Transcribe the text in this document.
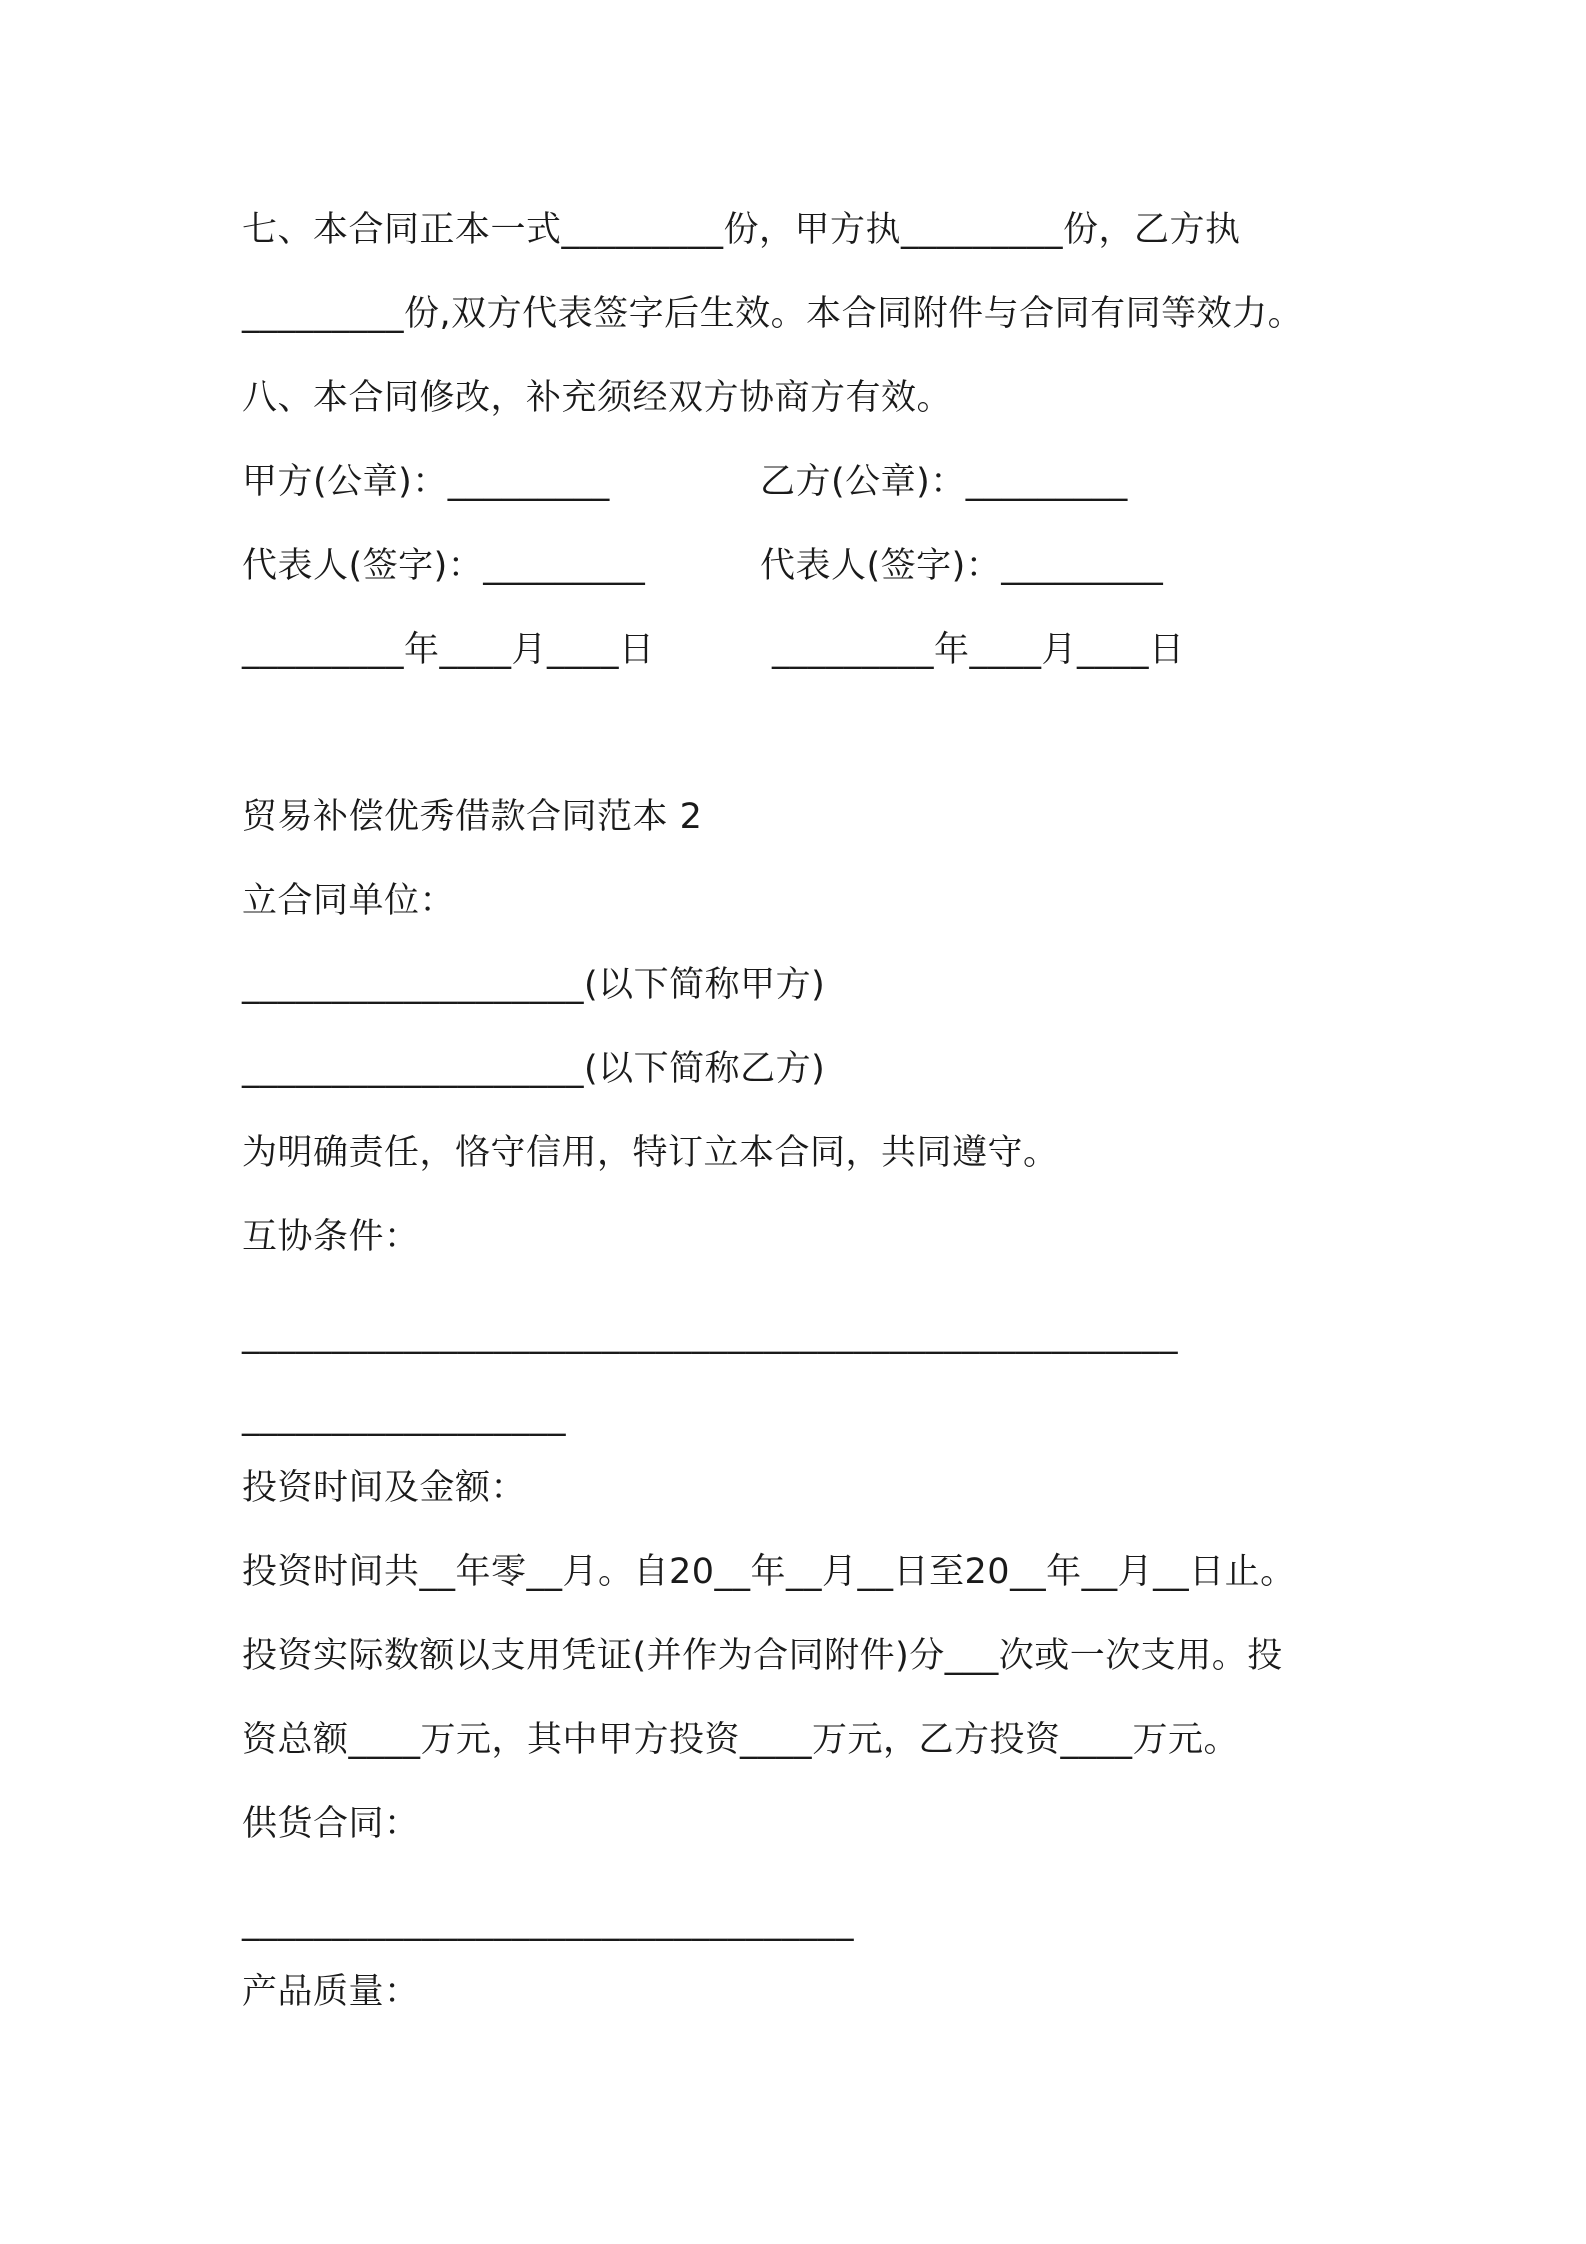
七、本合同正本一式_________份，甲方执_________份，乙方执
_________份,双方代表签字后生效。本合同附件与合同有同等效力。
八、本合同修改，补充须经双方协商方有效。
甲方(公章)：_________	乙方(公章)：_________
代表人(签字)：_________	代表人(签字)：_________
_________年____月____日	_________年____月____日
贸易补偿优秀借款合同范本 2
立合同单位：
___________________(以下简称甲方)
___________________(以下简称乙方)
为明确责任，恪守信用，特订立本合同，共同遵守。
互协条件：
____________________________________________________
__________________
投资时间及金额：
投资时间共__年零__月。自20__年__月__日至20__年__月__日止。
投资实际数额以支用凭证(并作为合同附件)分___次或一次支用。投
资总额____万元，其中甲方投资____万元，乙方投资____万元。
供货合同：
__________________________________
产品质量：
